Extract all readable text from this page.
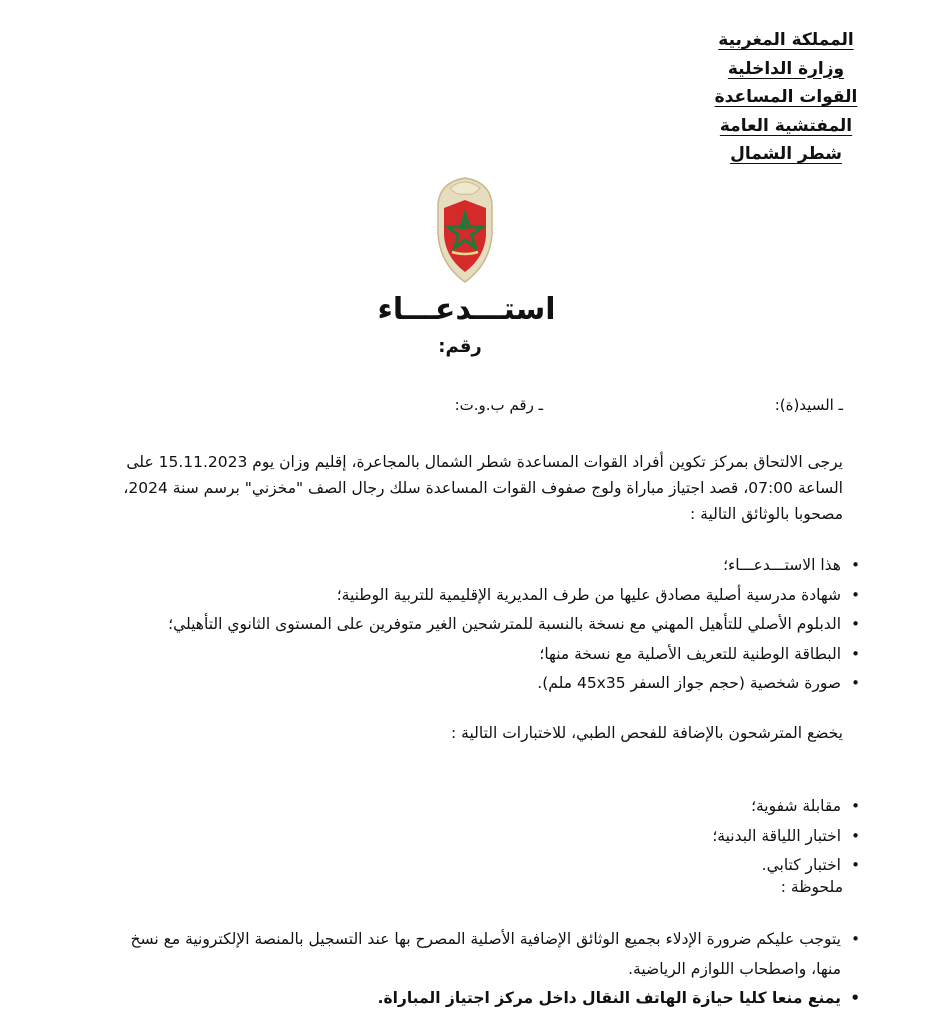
المملكة المغربية
وزارة الداخلية
القوات المساعدة
المفتشية العامة
شطر الشمال
استـــدعـــاء
رقم:
ـ السيد(ة):
ـ رقم ب.و.ت:
يرجى الالتحاق بمركز تكوين أفراد القوات المساعدة شطر الشمال بالمجاعرة، إقليم وزان يوم 15.11.2023 على
الساعة 07:00، قصد اجتياز مباراة ولوج صفوف القوات المساعدة سلك رجال الصف "مخزني" برسم سنة 2024،
مصحوبا بالوثائق التالية :
• هذا الاستـــدعـــاء؛
• شهادة مدرسية أصلية مصادق عليها من طرف المديرية الإقليمية للتربية الوطنية؛
• الدبلوم الأصلي للتأهيل المهني مع نسخة بالنسبة للمترشحين الغير متوفرين على المستوى الثانوي التأهيلي؛
• البطاقة الوطنية للتعريف الأصلية مع نسخة منها؛
• صورة شخصية (حجم جواز السفر 45x35 ملم).
يخضع المترشحون بالإضافة للفحص الطبي، للاختبارات التالية :
• مقابلة شفوية؛
• اختبار اللياقة البدنية؛
• اختبار كتابي.
ملحوظة :
• يتوجب عليكم ضرورة الإدلاء بجميع الوثائق الإضافية الأصلية المصرح بها عند التسجيل بالمنصة الإلكترونية مع نسخ منها، واصطحاب اللوازم الرياضية.
• يمنع منعا كليا حيازة الهاتف النقال داخل مركز اجتياز المباراة.
